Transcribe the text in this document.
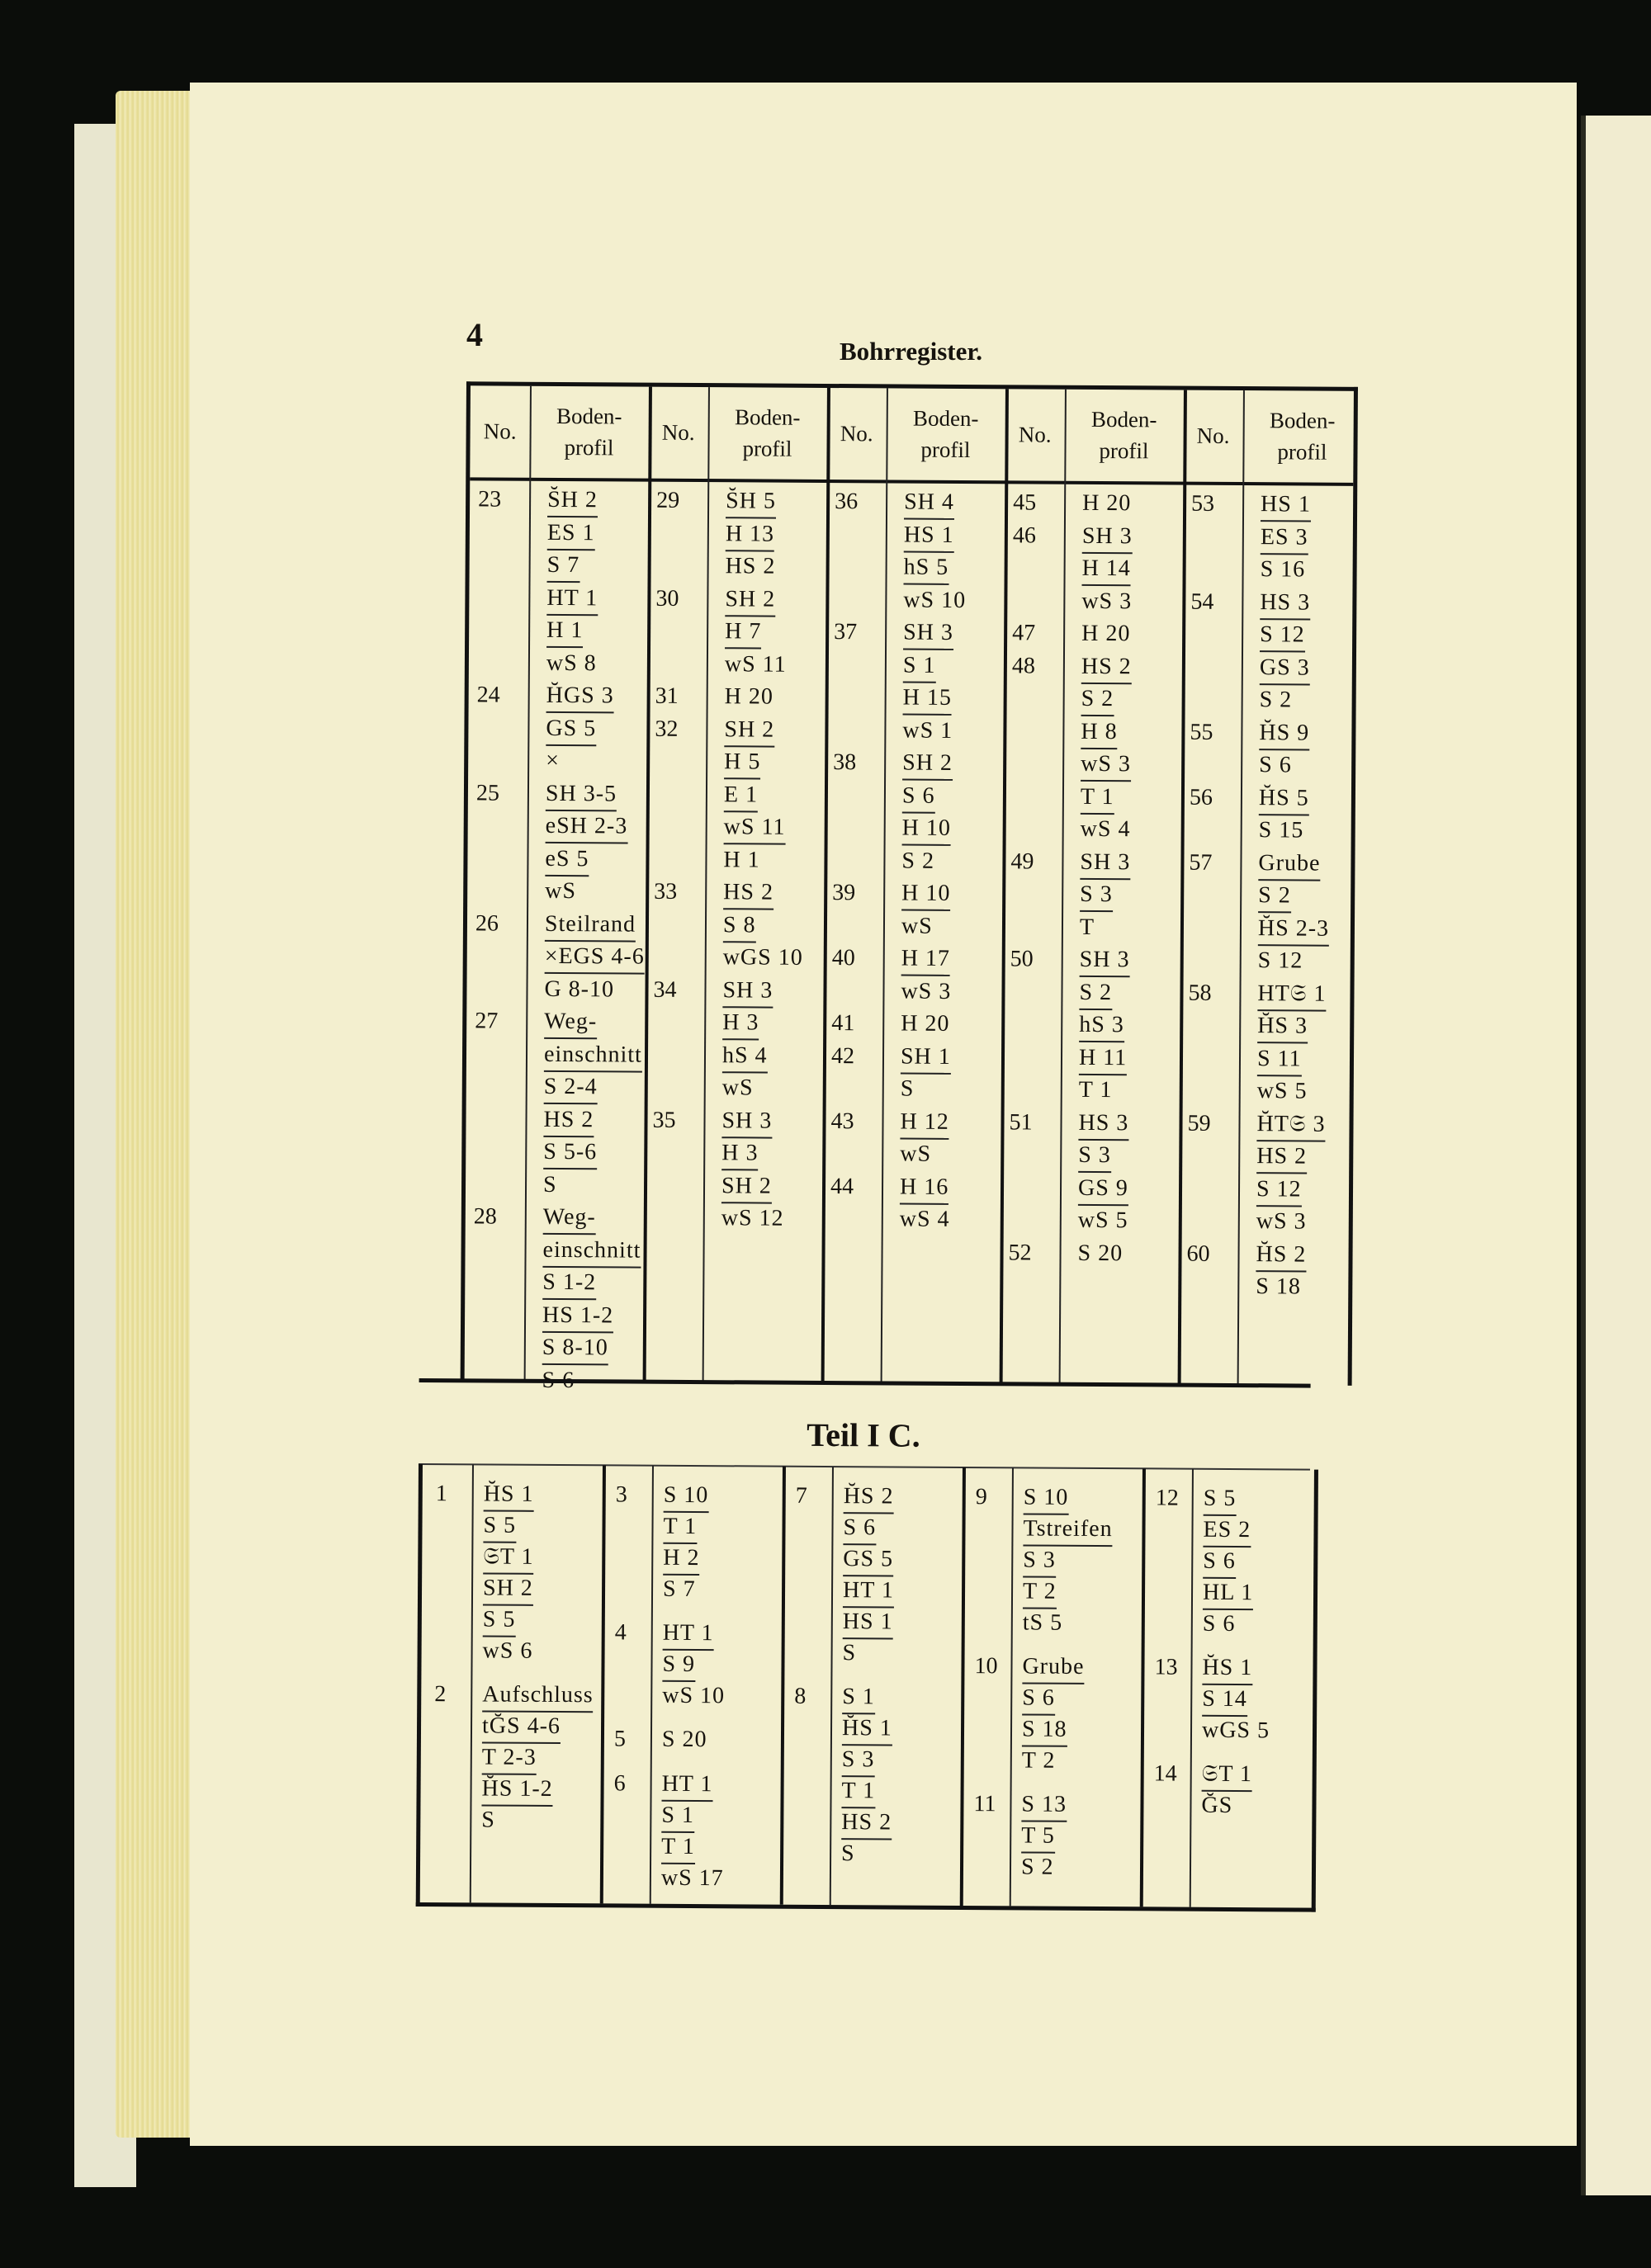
4	Bohrregister.
No.
Boden-
profil
23 S̆H 2
ES 1
S 7
HT 1
H 1
wS 8
24 H̆GS 3
GS 5
×
25 SH 3-5
eSH 2-3
eS 5
wS
26 Steilrand
×EGS 4-6
G 8-10
27 Weg-
einschnitt
S 2-4
HS 2
S 5-6
S
28 Weg-
einschnitt
S 1-2
HS 1-2
S 8-10
S 6
No.
Boden-
profil
29 S̆H 5
H 13
HS 2
30 SH 2
H 7
wS 11
31 H 20
32 SH 2
H 5
E 1
wS 11
H 1
33 HS 2
S 8
wGS 10
34 SH 3
H 3
hS 4
wS
35 SH 3
H 3
SH 2
wS 12
No.
Boden-
profil
36 SH 4
HS 1
hS 5
wS 10
37 SH 3
S 1
H 15
wS 1
38 SH 2
S 6
H 10
S 2
39 H 10
wS
40 H 17
wS 3
41 H 20
42 SH 1
S
43 H 12
wS
44 H 16
wS 4
No.
Boden-
profil
45 H 20
46 SH 3
H 14
wS 3
47 H 20
48 HS 2
S 2
H 8
wS 3
T 1
wS 4
49 SH 3
S 3
T
50 SH 3
S 2
hS 3
H 11
T 1
51 HS 3
S 3
GS 9
wS 5
52 S 20
No.
Boden-
profil
53 HS 1
ES 3
S 16
54 HS 3
S 12
GS 3
S 2
55 H̆S 9
S 6
56 H̆S 5
S 15
57 Grube
S 2
H̆S 2-3
S 12
58 HT𝔖 1
H̆S 3
S 11
wS 5
59 H̆T𝔖 3
HS 2
S 12
wS 3
60 H̆S 2
S 18
Teil I C.
1 H̆S 1
S 5
𝔖T 1
SH 2
S 5
wS 6
2 Aufschluss
tĞS 4-6
T 2-3
H̆S 1-2
S
3 S 10
T 1
H 2
S 7
4 HT 1
S 9
wS 10
5 S 20
6 HT 1
S 1
T 1
wS 17
7 H̆S 2
S 6
GS 5
HT 1
HS 1
S
8 S 1
H̆S 1
S 3
T 1
HS 2
S
9 S 10
Tstreifen
S 3
T 2
tS 5
10 Grube
S 6
S 18
T 2
11 S 13
T 5
S 2
12 S 5
ES 2
S 6
HL 1
S 6
13 H̆S 1
S 14
wGS 5
14 𝔖T 1
ĞS
